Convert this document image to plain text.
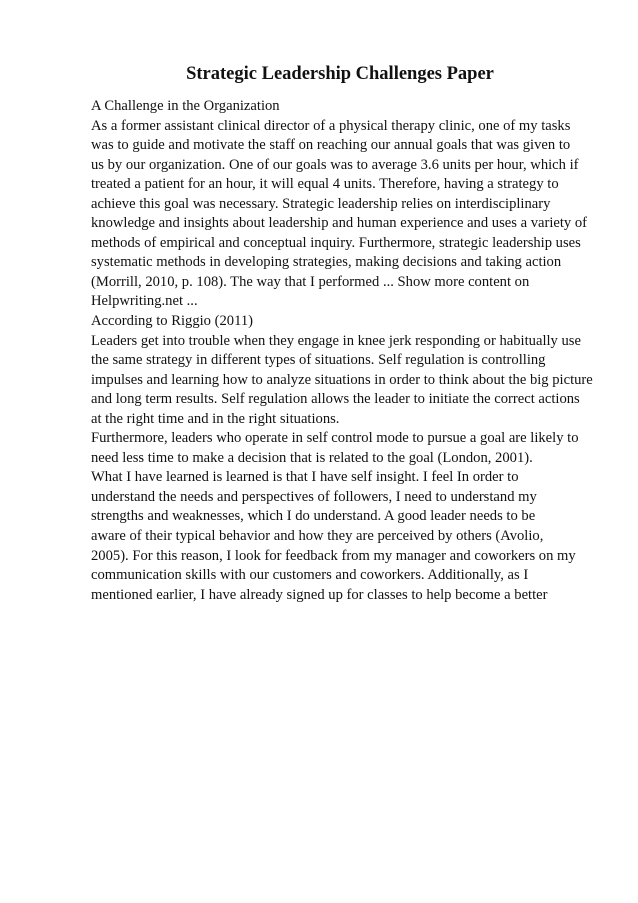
Strategic Leadership Challenges Paper
A Challenge in the Organization
As a former assistant clinical director of a physical therapy clinic, one of my tasks
was to guide and motivate the staff on reaching our annual goals that was given to
us by our organization. One of our goals was to average 3.6 units per hour, which if
treated a patient for an hour, it will equal 4 units. Therefore, having a strategy to
achieve this goal was necessary. Strategic leadership relies on interdisciplinary
knowledge and insights about leadership and human experience and uses a variety of
methods of empirical and conceptual inquiry. Furthermore, strategic leadership uses
systematic methods in developing strategies, making decisions and taking action
(Morrill, 2010, p. 108). The way that I performed ... Show more content on
Helpwriting.net ...
According to Riggio (2011)
Leaders get into trouble when they engage in knee jerk responding or habitually use
the same strategy in different types of situations. Self regulation is controlling
impulses and learning how to analyze situations in order to think about the big picture
and long term results. Self regulation allows the leader to initiate the correct actions
at the right time and in the right situations.
Furthermore, leaders who operate in self control mode to pursue a goal are likely to
need less time to make a decision that is related to the goal (London, 2001).
What I have learned is learned is that I have self insight. I feel In order to
understand the needs and perspectives of followers, I need to understand my
strengths and weaknesses, which I do understand. A good leader needs to be
aware of their typical behavior and how they are perceived by others (Avolio,
2005). For this reason, I look for feedback from my manager and coworkers on my
communication skills with our customers and coworkers. Additionally, as I
mentioned earlier, I have already signed up for classes to help become a better
